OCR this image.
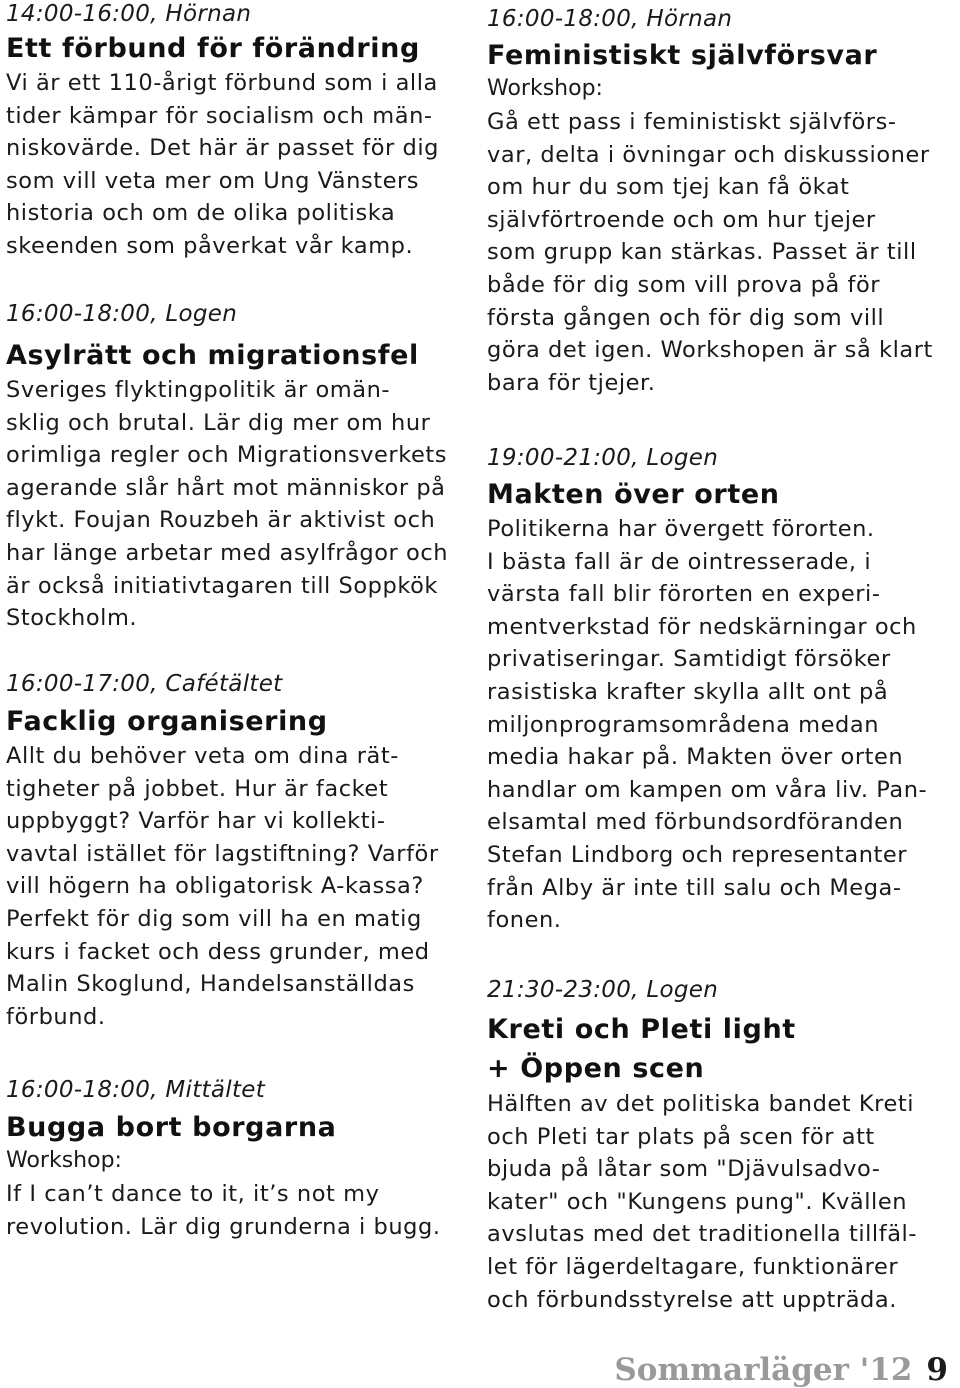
14:00-16:00, Hörnan
Ett förbund för förändring
Vi är ett 110-årigt förbund som i alla
tider kämpar för socialism och män-
niskovärde. Det här är passet för dig
som vill veta mer om Ung Vänsters
historia och om de olika politiska
skeenden som påverkat vår kamp.
16:00-18:00, Logen
Asylrätt och migrationsfel
Sveriges flyktingpolitik är omän-
sklig och brutal. Lär dig mer om hur
orimliga regler och Migrationsverkets
agerande slår hårt mot människor på
flykt. Foujan Rouzbeh är aktivist och
har länge arbetar med asylfrågor och
är också initiativtagaren till Soppkök
Stockholm.
16:00-17:00, Cafétältet
Facklig organisering
Allt du behöver veta om dina rät-
tigheter på jobbet. Hur är facket
uppbyggt? Varför har vi kollekti-
vavtal istället för lagstiftning? Varför
vill högern ha obligatorisk A-kassa?
Perfekt för dig som vill ha en matig
kurs i facket och dess grunder, med
Malin Skoglund, Handelsanställdas
förbund.
16:00-18:00, Mittältet
Bugga bort borgarna
Workshop:
If I can’t dance to it, it’s not my
revolution. Lär dig grunderna i bugg.
16:00-18:00, Hörnan
Feministiskt självförsvar
Workshop:
Gå ett pass i feministiskt självförs-
var, delta i övningar och diskussioner
om hur du som tjej kan få ökat
självförtroende och om hur tjejer
som grupp kan stärkas. Passet är till
både för dig som vill prova på för
första gången och för dig som vill
göra det igen. Workshopen är så klart
bara för tjejer.
19:00-21:00, Logen
Makten över orten
Politikerna har övergett förorten.
I bästa fall är de ointresserade, i
värsta fall blir förorten en experi-
mentverkstad för nedskärningar och
privatiseringar. Samtidigt försöker
rasistiska krafter skylla allt ont på
miljonprogramsområdena medan
media hakar på. Makten över orten
handlar om kampen om våra liv. Pan-
elsamtal med förbundsordföranden
Stefan Lindborg och representanter
från Alby är inte till salu och Mega-
fonen.
21:30-23:00, Logen
Kreti och Pleti light
+ Öppen scen
Hälften av det politiska bandet Kreti
och Pleti tar plats på scen för att
bjuda på låtar som "Djävulsadvo-
kater" och "Kungens pung". Kvällen
avslutas med det traditionella tillfäl-
let för lägerdeltagare, funktionärer
och förbundsstyrelse att uppträda.
Sommarläger '12 9
